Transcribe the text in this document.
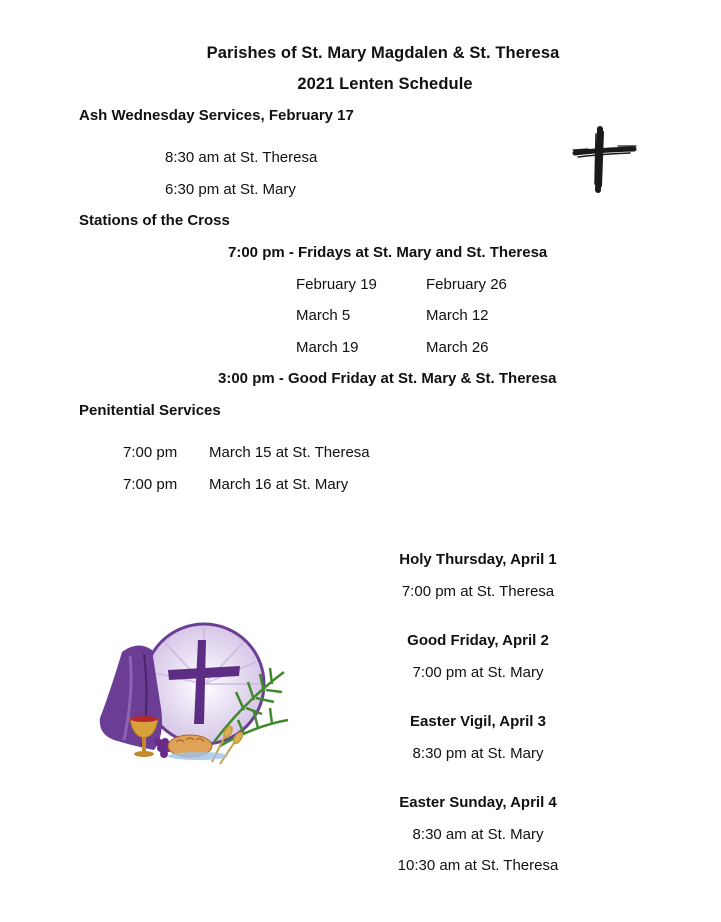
Parishes of St. Mary Magdalen & St. Theresa
2021 Lenten Schedule
Ash Wednesday Services, February 17
8:30 am at St. Theresa
6:30 pm at St. Mary
Stations of the Cross
7:00 pm - Fridays at St. Mary and St. Theresa
February 19	February 26
March 5	March 12
March 19	March 26
3:00 pm - Good Friday at St. Mary & St. Theresa
Penitential Services
7:00 pm March 15 at St. Theresa
7:00 pm March 16 at St. Mary
Holy Thursday, April 1
7:00 pm at St. Theresa
Good Friday, April 2
7:00 pm at St. Mary
Easter Vigil, April 3
8:30 pm at St. Mary
Easter Sunday, April 4
8:30 am at St. Mary
10:30 am at St. Theresa
